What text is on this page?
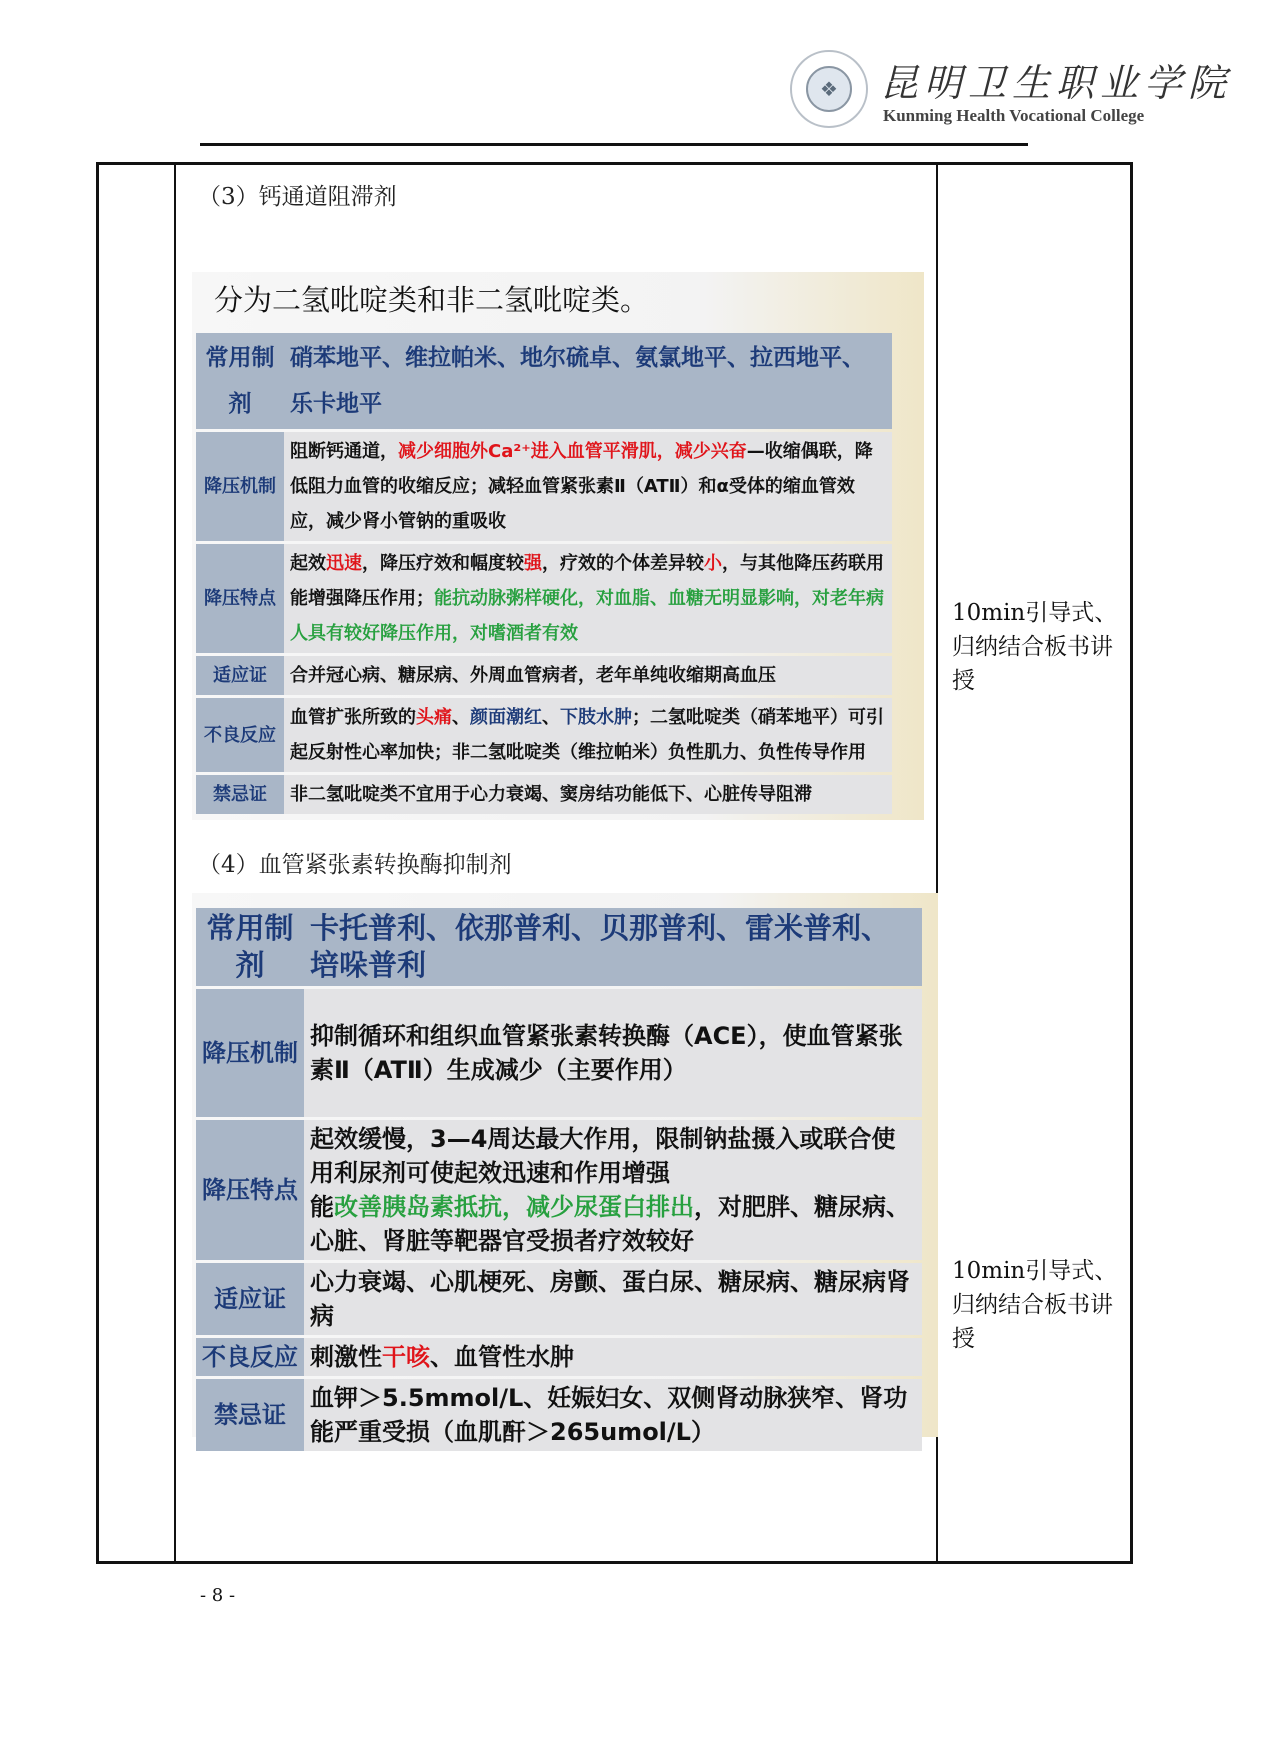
❖	昆明卫生职业学院
Kunming Health Vocational College
（3）钙通道阻滞剂
分为二氢吡啶类和非二氢吡啶类。
常用制剂	硝苯地平、维拉帕米、地尔硫卓、氨氯地平、拉西地平、乐卡地平
降压机制	阻断钙通道，减少细胞外Ca²⁺进入血管平滑肌，减少兴奋—收缩偶联，降低阻力血管的收缩反应；减轻血管紧张素Ⅱ（ATⅡ）和α受体的缩血管效应，减少肾小管钠的重吸收
降压特点	起效迅速，降压疗效和幅度较强，疗效的个体差异较小，与其他降压药联用能增强降压作用；能抗动脉粥样硬化，对血脂、血糖无明显影响，对老年病人具有较好降压作用，对嗜酒者有效
适应证	合并冠心病、糖尿病、外周血管病者，老年单纯收缩期高血压
不良反应	血管扩张所致的头痛、颜面潮红、下肢水肿；二氢吡啶类（硝苯地平）可引起反射性心率加快；非二氢吡啶类（维拉帕米）负性肌力、负性传导作用
禁忌证	非二氢吡啶类不宜用于心力衰竭、窦房结功能低下、心脏传导阻滞
10min引导式、归纳结合板书讲授
（4）血管紧张素转换酶抑制剂
常用制剂	卡托普利、依那普利、贝那普利、雷米普利、培哚普利
降压机制	抑制循环和组织血管紧张素转换酶（ACE），使血管紧张素Ⅱ（ATⅡ）生成减少（主要作用）
降压特点	起效缓慢，3—4周达最大作用，限制钠盐摄入或联合使用利尿剂可使起效迅速和作用增强
能改善胰岛素抵抗，减少尿蛋白排出，对肥胖、糖尿病、心脏、肾脏等靶器官受损者疗效较好
适应证	心力衰竭、心肌梗死、房颤、蛋白尿、糖尿病、糖尿病肾病
不良反应	刺激性干咳、血管性水肿
禁忌证	血钾＞5.5mmol/L、妊娠妇女、双侧肾动脉狭窄、肾功能严重受损（血肌酐＞265umol/L）
10min引导式、归纳结合板书讲授
- 8 -
